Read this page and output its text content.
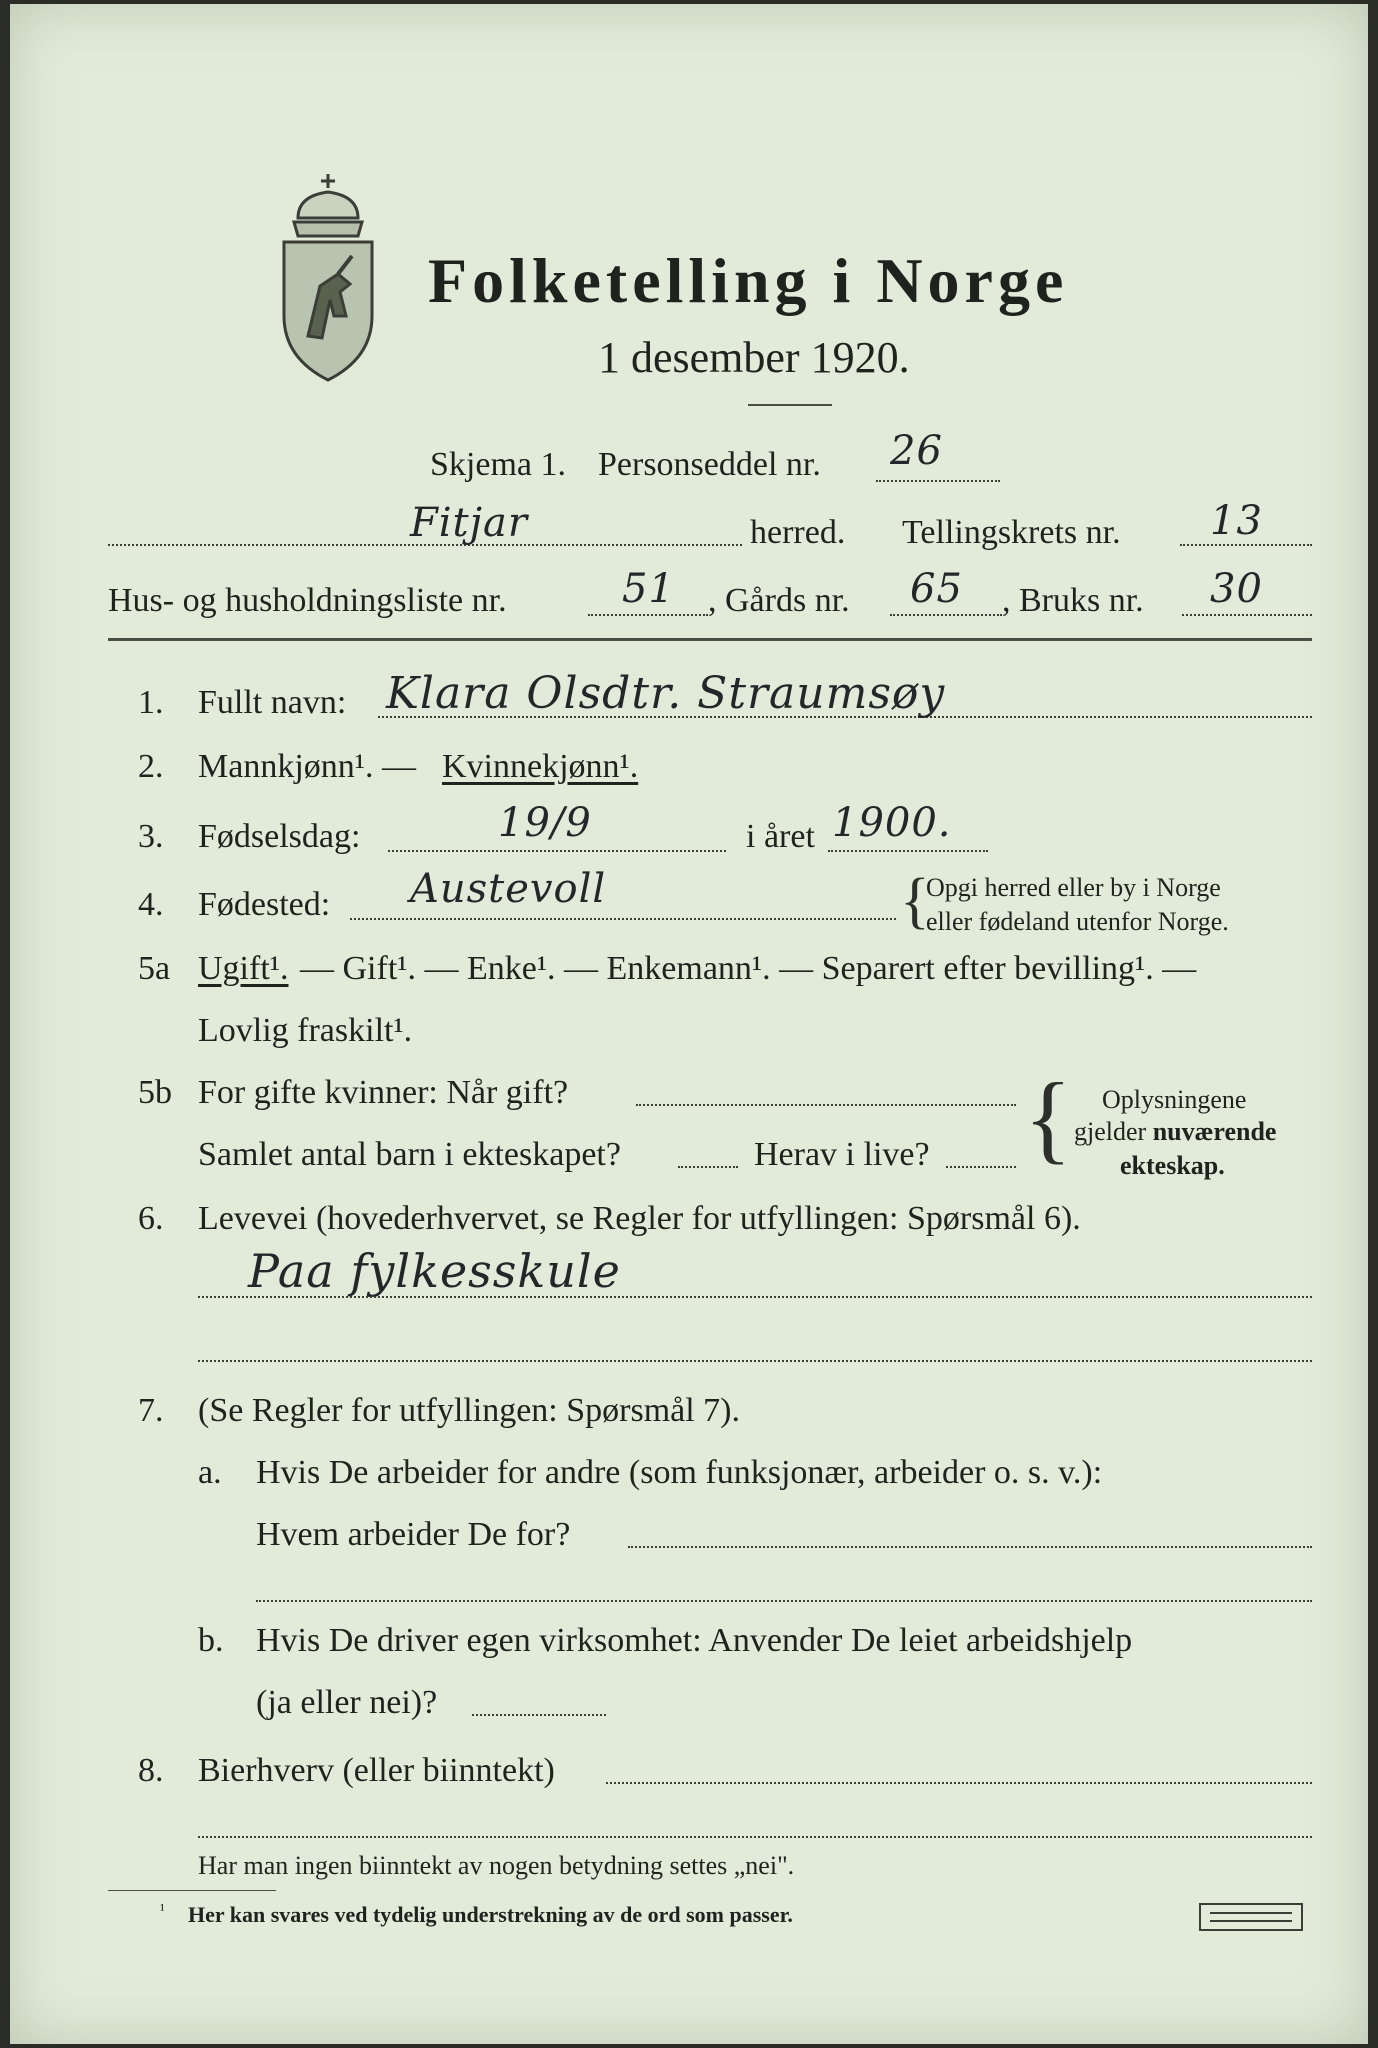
Folketelling i Norge
1 desember 1920.
Skjema 1. Personseddel nr. 26
Fitjar	herred. Tellingskrets nr. 13
Hus- og husholdningsliste nr.	51 , Gårds nr. 65 , Bruks nr. 30
1. Fullt navn: Klara Olsdtr. Straumsøy
2. Mannkjønn¹. — Kvinnekjønn¹.
3. Fødselsdag:	19/9	i året 1900.
4. Fødested: Austevoll	{
Opgi herred eller by i Norge
eller fødeland utenfor Norge.
5a Ugift¹. — Gift¹. — Enke¹. — Enkemann¹. — Separert efter bevilling¹. —
Lovlig fraskilt¹.
5b For gifte kvinner: Når gift?
Samlet antal barn i ekteskapet?	Herav i live? { Oplysningene
gjelder nuværende
ekteskap.
6. Levevei (hovederhvervet, se Regler for utfyllingen: Spørsmål 6).
Paa fylkesskule
7. (Se Regler for utfyllingen: Spørsmål 7).
a. Hvis De arbeider for andre (som funksjonær, arbeider o. s. v.):
Hvem arbeider De for?
b. Hvis De driver egen virksomhet: Anvender De leiet arbeidshjelp
(ja eller nei)?
8. Bierhverv (eller biinntekt)
Har man ingen biinntekt av nogen betydning settes „nei".
¹ Her kan svares ved tydelig understrekning av de ord som passer.
